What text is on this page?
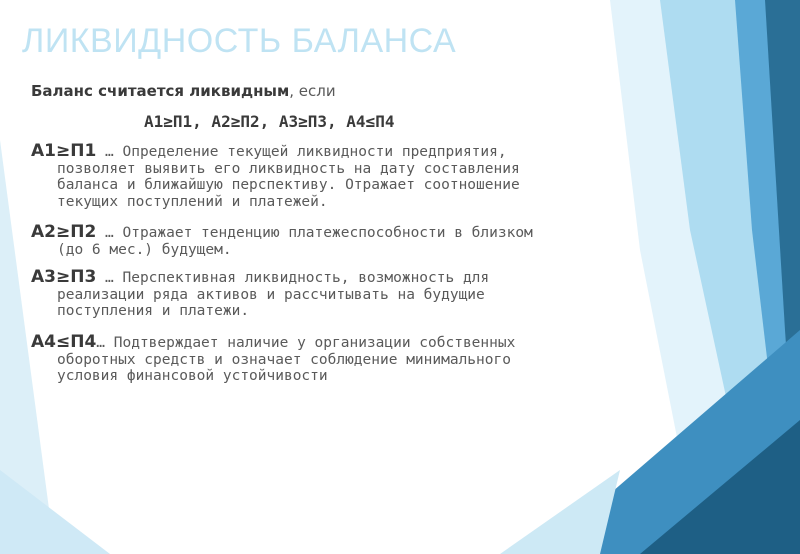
ЛИКВИДНОСТЬ БАЛАНСА
Баланс считается ликвидным, если
А1≥П1, А2≥П2, А3≥П3, А4≤П4
А1≥П1 … Определение текущей ликвидности предприятия,
позволяет выявить его ликвидность на дату составления
баланса и ближайшую перспективу. Отражает соотношение
текущих поступлений и платежей.
А2≥П2 … Отражает тенденцию платежеспособности в близком
(до 6 мес.) будущем.
А3≥П3 … Перспективная ликвидность, возможность для
реализации ряда активов и рассчитывать на будущие
поступления и платежи.
А4≤П4… Подтверждает наличие у организации собственных
оборотных средств и означает соблюдение минимального
условия финансовой устойчивости
